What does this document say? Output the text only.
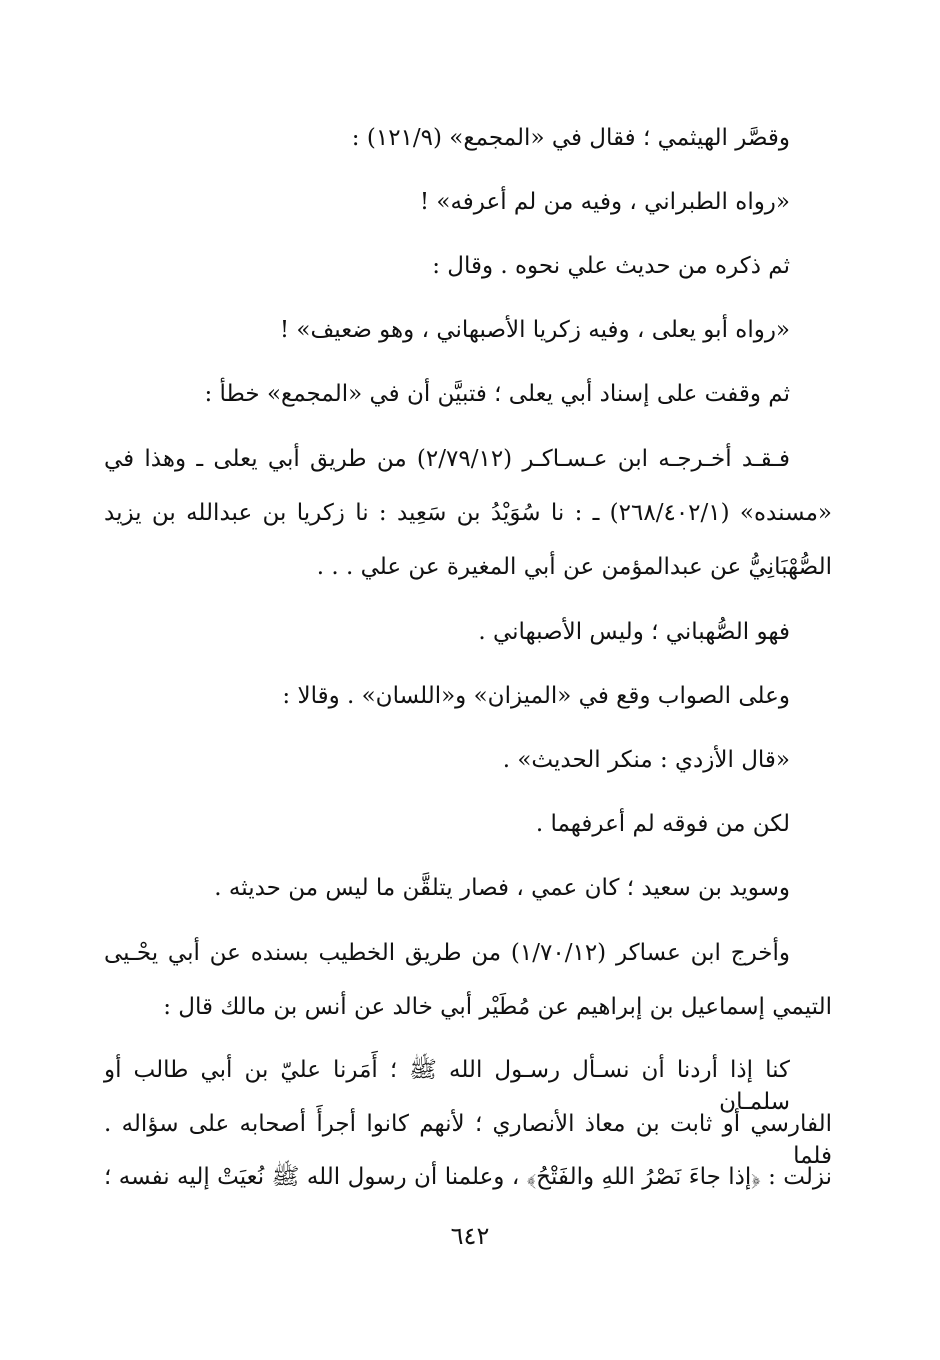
وقصَّر الهيثمي ؛ فقال في «المجمع» (١٢١/٩) :
«رواه الطبراني ، وفيه من لم أعرفه» !
ثم ذكره من حديث علي نحوه . وقال :
«رواه أبو يعلى ، وفيه زكريا الأصبهاني ، وهو ضعيف» !
ثم وقفت على إسناد أبي يعلى ؛ فتبيَّن أن في «المجمع» خطأ :
فـقـد أخـرجـه ابن عـسـاكـر (٢/٧٩/١٢) من طريق أبي يعلى ـ وهذا في
«مسنده» (٢٦٨/٤٠٢/١) ـ : نا سُوَيْدُ بن سَعِيد : نا زكريا بن عبدالله بن يزيد
الصُّهْبَانِيُّ عن عبدالمؤمن عن أبي المغيرة عن علي . . .
فهو الصُّهباني ؛ وليس الأصبهاني .
وعلى الصواب وقع في «الميزان» و«اللسان» . وقالا :
«قال الأزدي : منكر الحديث» .
لكن من فوقه لم أعرفهما .
وسويد بن سعيد ؛ كان عمي ، فصار يتلقَّن ما ليس من حديثه .
وأخرج ابن عساكر (١/٧٠/١٢) من طريق الخطيب بسنده عن أبي يحْـيى
التيمي إسماعيل بن إبراهيم عن مُطَيْر أبي خالد عن أنس بن مالك قال :
كنا إذا أردنا أن نسـأل رسـول الله ﷺ ؛ أَمَرنا عليّ بن أبي طالب أو سلمـان
الفارسي أو ثابت بن معاذ الأنصاري ؛ لأنهم كانوا أجرأَ أصحابه على سؤاله . فلما
نزلت : ﴿إذا جاءَ نَصْرُ اللهِ والفَتْحُ﴾ ، وعلمنا أن رسول الله ﷺ نُعيَتْ إليه نفسه ؛
٦٤٢
